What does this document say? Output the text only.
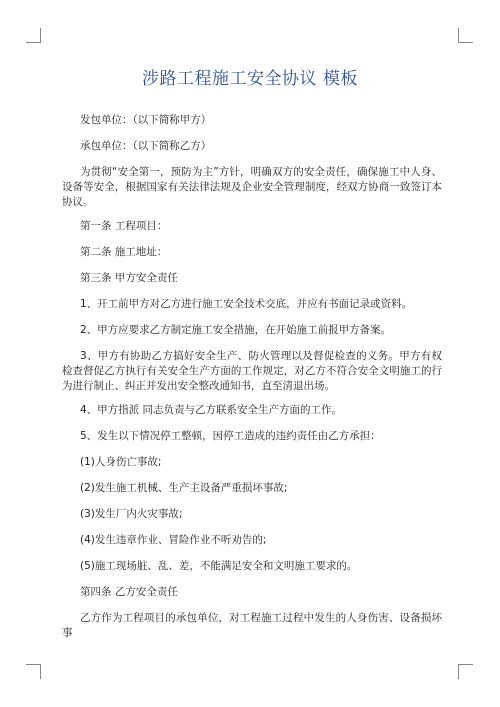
涉路工程施工安全协议 模板

发包单位：（以下简称甲方）

承包单位：（以下简称乙方）

为贯彻“安全第一，预防为主”方针，明确双方的安全责任，确保施工中人身、设备等安全，根据国家有关法律法规及企业安全管理制度，经双方协商一致签订本协议。

第一条 工程项目：

第二条 施工地址：

第三条 甲方安全责任

1、开工前甲方对乙方进行施工安全技术交底，并应有书面记录或资料。

2、甲方应要求乙方制定施工安全措施，在开始施工前报甲方备案。

3、甲方有协助乙方搞好安全生产、防火管理以及督促检查的义务。甲方有权检查督促乙方执行有关安全生产方面的工作规定，对乙方不符合安全文明施工的行为进行制止、纠正并发出安全整改通知书，直至清退出场。

4、甲方指派 同志负责与乙方联系安全生产方面的工作。

5、发生以下情况停工整顿，因停工造成的违约责任由乙方承担：

(1)人身伤亡事故;

(2)发生施工机械、生产主设备严重损坏事故;

(3)发生厂内火灾事故;

(4)发生违章作业、冒险作业不听劝告的;

(5)施工现场脏、乱、差，不能满足安全和文明施工要求的。

第四条 乙方安全责任

乙方作为工程项目的承包单位，对工程施工过程中发生的人身伤害、设备损坏事
